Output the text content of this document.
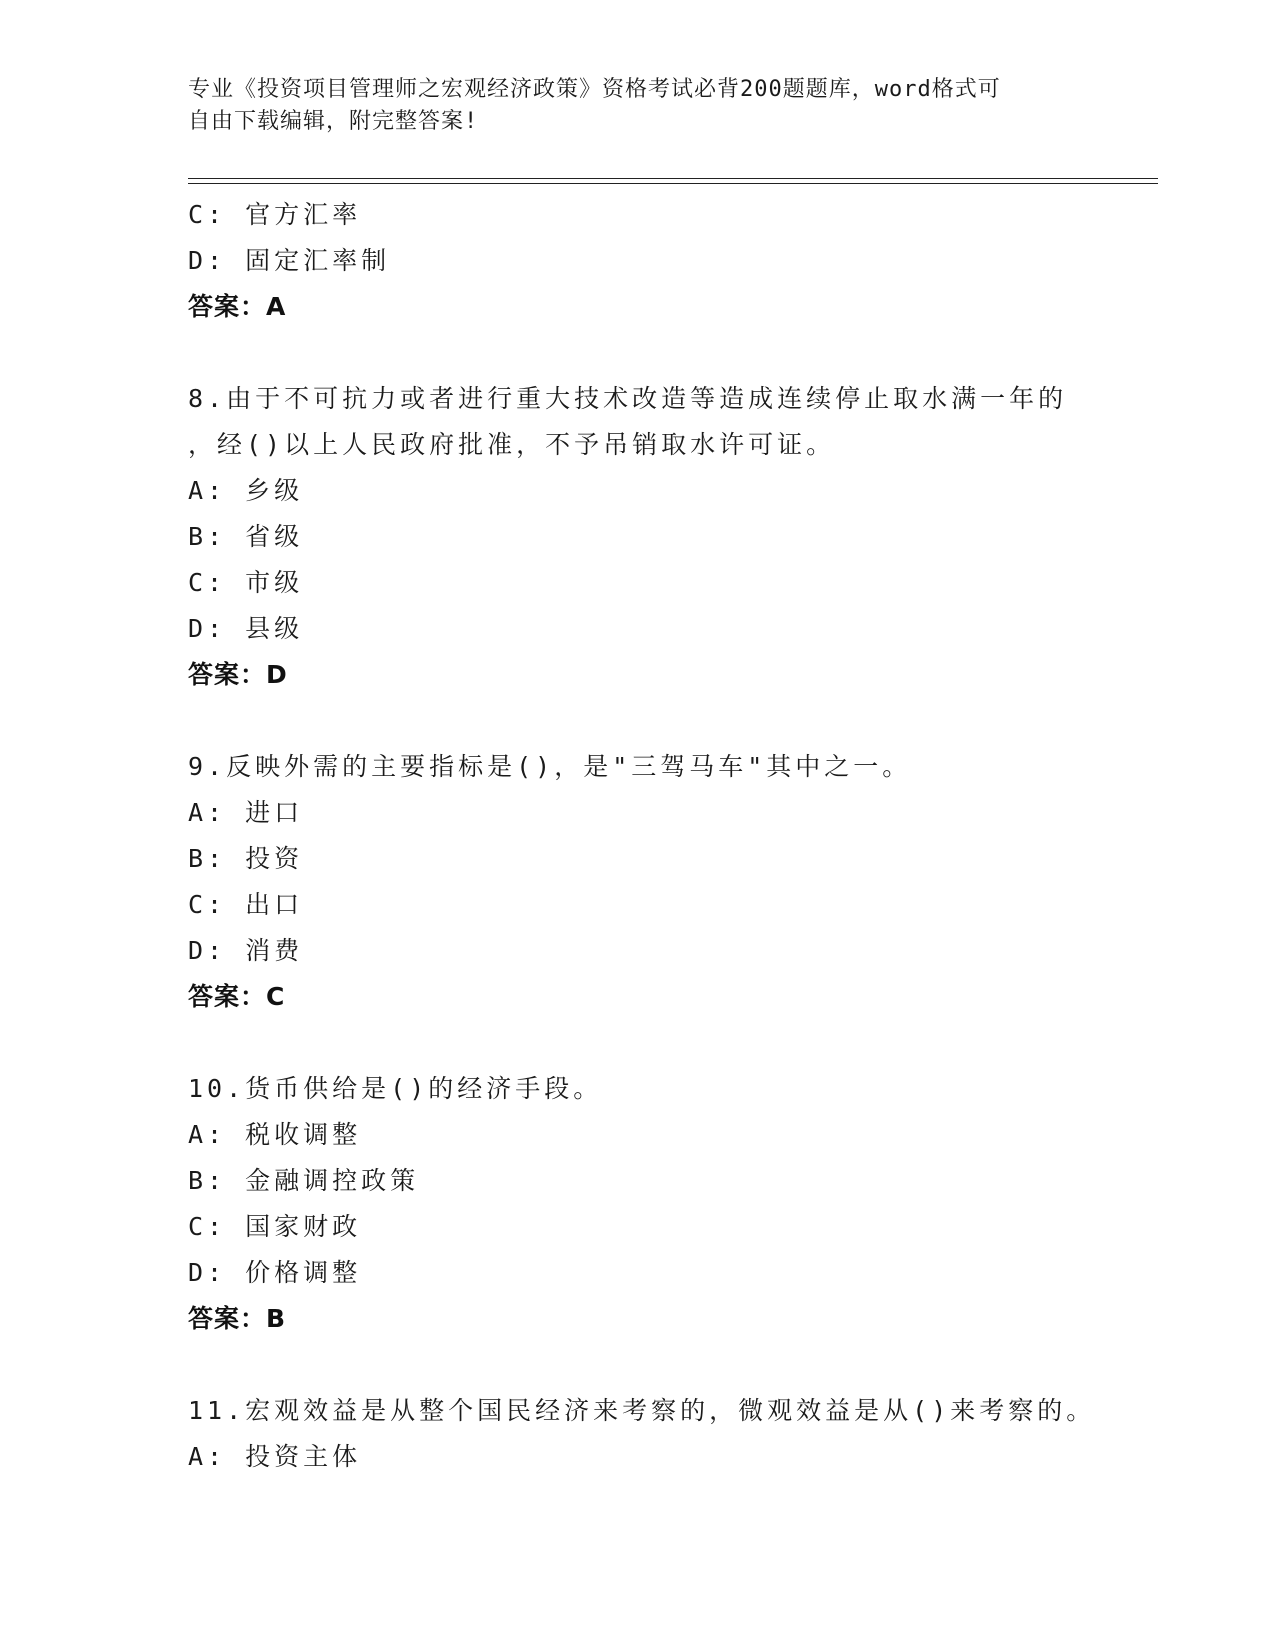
专业《投资项目管理师之宏观经济政策》资格考试必背200题题库，word格式可
自由下载编辑，附完整答案!
C: 官方汇率
D: 固定汇率制
答案：A
8.由于不可抗力或者进行重大技术改造等造成连续停止取水满一年的
，经()以上人民政府批准，不予吊销取水许可证。
A: 乡级
B: 省级
C: 市级
D: 县级
答案：D
9.反映外需的主要指标是()，是"三驾马车"其中之一。
A: 进口
B: 投资
C: 出口
D: 消费
答案：C
10.货币供给是()的经济手段。
A: 税收调整
B: 金融调控政策
C: 国家财政
D: 价格调整
答案：B
11.宏观效益是从整个国民经济来考察的，微观效益是从()来考察的。
A: 投资主体
